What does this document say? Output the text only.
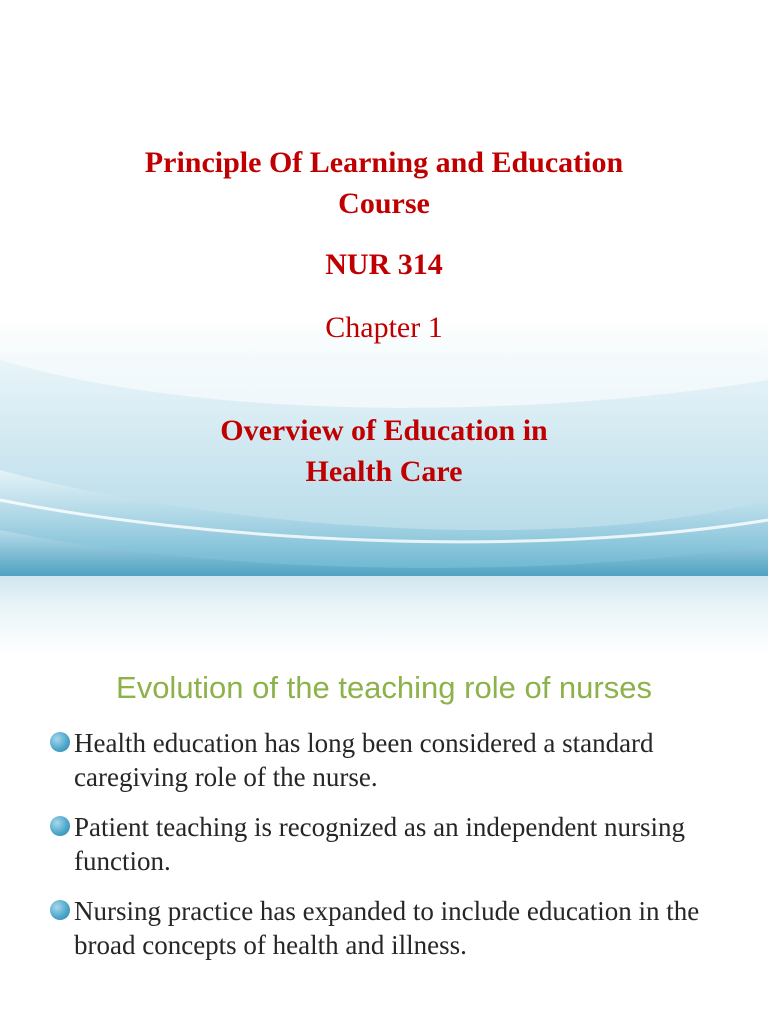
Principle Of Learning and Education
Course
NUR 314
Chapter 1
Overview of Education in
Health Care
Evolution of the teaching role of nurses
Health education has long been considered a standard caregiving role of the nurse.
Patient teaching is recognized as an independent nursing function.
Nursing practice has expanded to include education in the broad concepts of health and illness.
